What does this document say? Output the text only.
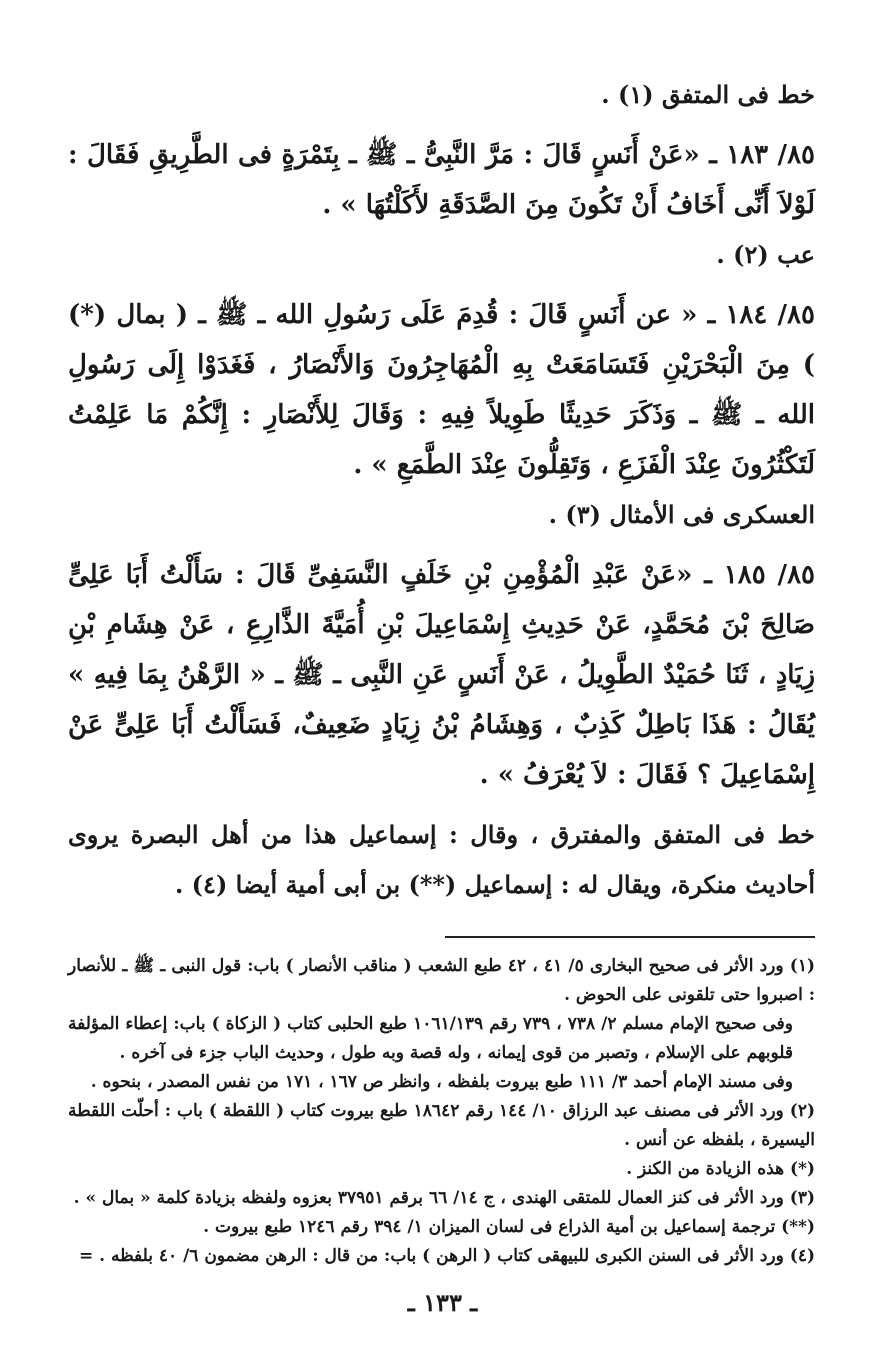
خط فى المتفق (١) .

٨٥/ ١٨٣ ـ «عَنْ أَنَسٍ قَالَ : مَرَّ النَّبِىُّ ـ ﷺ ـ بِتَمْرَةٍ فى الطَّرِيقِ فَقَالَ : لَوْلاَ أَنِّى أَخَافُ أَنْ تَكُونَ مِنَ الصَّدَقَةِ لأَكَلْتُهَا » .

عب (٢) .

٨٥/ ١٨٤ ـ « عن أَنَسٍ قَالَ : قُدِمَ عَلَى رَسُولِ الله ـ ﷺ ـ ( بمال (*) ) مِنَ الْبَحْرَيْنِ فَتَسَامَعَتْ بِهِ الْمُهَاجِرُونَ وَالأَنْصَارُ ، فَغَدَوْا إِلَى رَسُولِ الله ـ ﷺ ـ وَذَكَرَ حَدِيثًا طَوِيلاً فِيهِ : وَقَالَ لِلأَنْصَارِ : إِنَّكُمْ مَا عَلِمْتُ لَتَكْثُرُونَ عِنْدَ الْفَزَعِ ، وَتَقِلُّونَ عِنْدَ الطَّمَعِ » .

العسكرى فى الأمثال (٣) .

٨٥/ ١٨٥ ـ «عَنْ عَبْدِ الْمُؤْمِنِ بْنِ خَلَفٍ النَّسَفِىِّ قَالَ : سَأَلْتُ أَبَا عَلِىٍّ صَالِحَ بْنَ مُحَمَّدٍ، عَنْ حَدِيثِ إِسْمَاعِيلَ بْنِ أُمَيَّةَ الذَّارِعِ ، عَنْ هِشَامِ بْنِ زِيَادٍ ، ثَنَا حُمَيْدٌ الطَّوِيلُ ، عَنْ أَنَسٍ عَنِ النَّبِى ـ ﷺ ـ « الرَّهْنُ بِمَا فِيهِ » يُقَالُ : هَذَا بَاطِلٌ كَذِبٌ ، وَهِشَامُ بْنُ زِيَادٍ ضَعِيفٌ، فَسَأَلْتُ أَبَا عَلِىٍّ عَنْ إِسْمَاعِيلَ ؟ فَقَالَ : لاَ يُعْرَفُ » .

خط فى المتفق والمفترق ، وقال : إسماعيل هذا من أهل البصرة يروى أحاديث منكرة، ويقال له : إسماعيل (**) بن أبى أمية أيضا (٤) .

(١) ورد الأثر فى صحيح البخارى ٥/ ٤١ ، ٤٢ طبع الشعب ( مناقب الأنصار ) باب: قول النبى ـ ﷺ ـ للأنصار : اصبروا حتى تلقونى على الحوض .

وفى صحيح الإمام مسلم ٢/ ٧٣٨ ، ٧٣٩ رقم ١٠٦١/١٣٩ طبع الحلبى كتاب ( الزكاة ) باب: إعطاء المؤلفة قلوبهم على الإسلام ، وتصبر من قوى إيمانه ، وله قصة وبه طول ، وحديث الباب جزء فى آخره .

وفى مسند الإمام أحمد ٣/ ١١١ طبع بيروت بلفظه ، وانظر ص ١٦٧ ، ١٧١ من نفس المصدر ، بنحوه .

(٢) ورد الأثر فى مصنف عبد الرزاق ١٠/ ١٤٤ رقم ١٨٦٤٢ طبع بيروت كتاب ( اللقطة ) باب : أحلّت اللقطة اليسيرة ، بلفظه عن أنس .

(*) هذه الزيادة من الكنز .

(٣) ورد الأثر فى كنز العمال للمتقى الهندى ، ج ١٤/ ٦٦ برقم ٣٧٩٥١ بعزوه ولفظه بزيادة كلمة « بمال » .

(**) ترجمة إسماعيل بن أمية الذراع فى لسان الميزان ١/ ٣٩٤ رقم ١٢٤٦ طبع بيروت .

(٤) ورد الأثر فى السنن الكبرى للبيهقى كتاب ( الرهن ) باب: من قال : الرهن مضمون ٦/ ٤٠ بلفظه . =

ـ ١٣٣ ـ
